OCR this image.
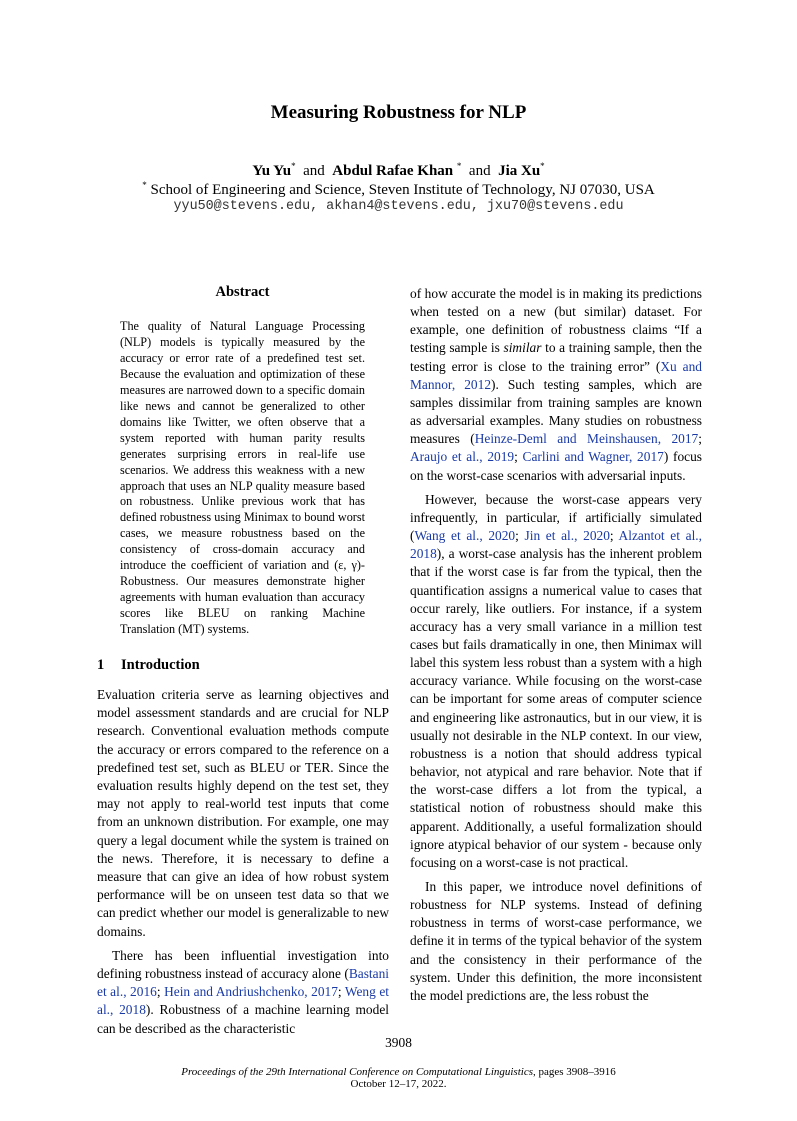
Measuring Robustness for NLP
Yu Yu* and Abdul Rafae Khan * and Jia Xu*
* School of Engineering and Science, Steven Institute of Technology, NJ 07030, USA
yyu50@stevens.edu, akhan4@stevens.edu, jxu70@stevens.edu
Abstract
The quality of Natural Language Processing (NLP) models is typically measured by the accuracy or error rate of a predefined test set. Because the evaluation and optimization of these measures are narrowed down to a specific domain like news and cannot be generalized to other domains like Twitter, we often observe that a system reported with human parity results generates surprising errors in real-life use scenarios. We address this weakness with a new approach that uses an NLP quality measure based on robustness. Unlike previous work that has defined robustness using Minimax to bound worst cases, we measure robustness based on the consistency of cross-domain accuracy and introduce the coefficient of variation and (ε, γ)-Robustness. Our measures demonstrate higher agreements with human evaluation than accuracy scores like BLEU on ranking Machine Translation (MT) systems.
1 Introduction

Evaluation criteria serve as learning objectives and model assessment standards and are crucial for NLP research. Conventional evaluation methods compute the accuracy or errors compared to the reference on a predefined test set, such as BLEU or TER. Since the evaluation results highly depend on the test set, they may not apply to real-world test inputs that come from an unknown distribution. For example, one may query a legal document while the system is trained on the news. Therefore, it is necessary to define a measure that can give an idea of how robust system performance will be on unseen test data so that we can predict whether our model is generalizable to new domains.

There has been influential investigation into defining robustness instead of accuracy alone (Bastani et al., 2016; Hein and Andriushchenko, 2017; Weng et al., 2018). Robustness of a machine learning model can be described as the characteristic

of how accurate the model is in making its predictions when tested on a new (but similar) dataset. For example, one definition of robustness claims “If a testing sample is similar to a training sample, then the testing error is close to the training error” (Xu and Mannor, 2012). Such testing samples, which are samples dissimilar from training samples are known as adversarial examples. Many studies on robustness measures (Heinze-Deml and Meinshausen, 2017; Araujo et al., 2019; Carlini and Wagner, 2017) focus on the worst-case scenarios with adversarial inputs.

However, because the worst-case appears very infrequently, in particular, if artificially simulated (Wang et al., 2020; Jin et al., 2020; Alzantot et al., 2018), a worst-case analysis has the inherent problem that if the worst case is far from the typical, then the quantification assigns a numerical value to cases that occur rarely, like outliers. For instance, if a system accuracy has a very small variance in a million test cases but fails dramatically in one, then Minimax will label this system less robust than a system with a high accuracy variance. While focusing on the worst-case can be important for some areas of computer science and engineering like astronautics, but in our view, it is usually not desirable in the NLP context. In our view, robustness is a notion that should address typical behavior, not atypical and rare behavior. Note that if the worst-case differs a lot from the typical, a statistical notion of robustness should make this apparent. Additionally, a useful formalization should ignore atypical behavior of our system - because only focusing on a worst-case is not practical.

In this paper, we introduce novel definitions of robustness for NLP systems. Instead of defining robustness in terms of worst-case performance, we define it in terms of the typical behavior of the system and the consistency in their performance of the system. Under this definition, the more inconsistent the model predictions are, the less robust the

3908
Proceedings of the 29th International Conference on Computational Linguistics, pages 3908–3916
October 12–17, 2022.
